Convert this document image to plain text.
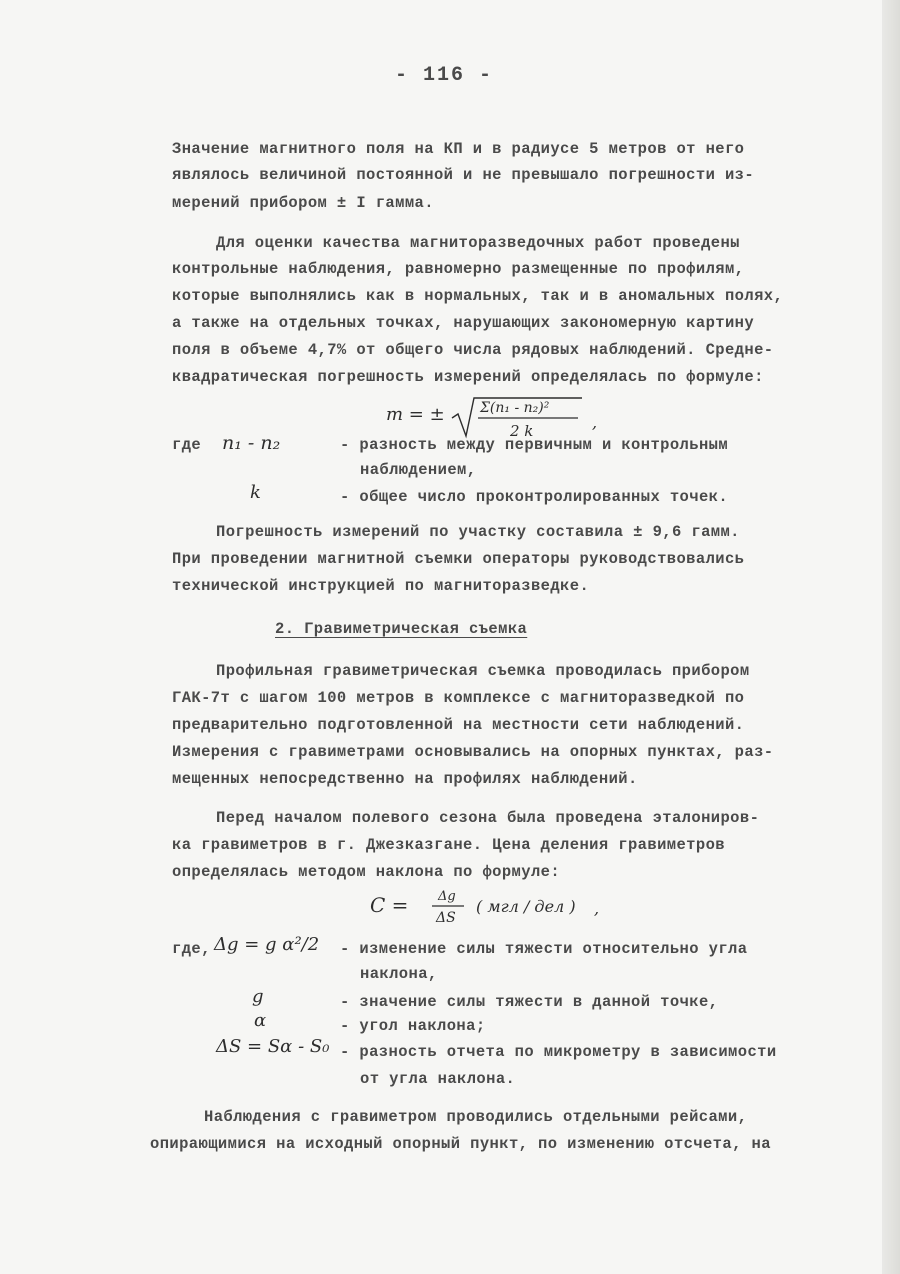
- 116 -
Значение магнитного поля на КП и в радиусе 5 метров от него
являлось величиной постоянной и не превышало погрешности из-
мерений прибором ± I гамма.
Для оценки качества магниторазведочных работ проведены
контрольные наблюдения, равномерно размещенные по профилям,
которые выполнялись как в нормальных, так и в аномальных полях,
а также на отдельных точках, нарушающих закономерную картину
поля в объеме 4,7% от общего числа рядовых наблюдений. Средне-
квадратическая погрешность измерений определялась по формуле:
m = ±	Σ(n₁ - n₂)²
2 k	,
где n₁ - n₂	- разность между первичным и контрольным
наблюдением,
k	- общее число проконтролированных точек.
Погрешность измерений по участку составила ± 9,6 гамм.
При проведении магнитной съемки операторы руководствовались
технической инструкцией по магниторазведке.
2. Гравиметрическая съемка
Профильная гравиметрическая съемка проводилась прибором
ГАК-7т с шагом 100 метров в комплексе с магниторазведкой по
предварительно подготовленной на местности сети наблюдений.
Измерения с гравиметрами основывались на опорных пунктах, раз-
мещенных непосредственно на профилях наблюдений.
Перед началом полевого сезона была проведена эталониров-
ка гравиметров в г. Джезказгане. Цена деления гравиметров
определялась методом наклона по формуле:
C = Δg
ΔS
( мгл / дел ) ,
где, Δg = g α²/2 - изменение силы тяжести относительно угла
наклона,
g	- значение силы тяжести в данной точке,
α	- угол наклона;
ΔS = Sα - S₀ - разность отчета по микрометру в зависимости
от угла наклона.
Наблюдения с гравиметром проводились отдельными рейсами,
опирающимися на исходный опорный пункт, по изменению отсчета, на
